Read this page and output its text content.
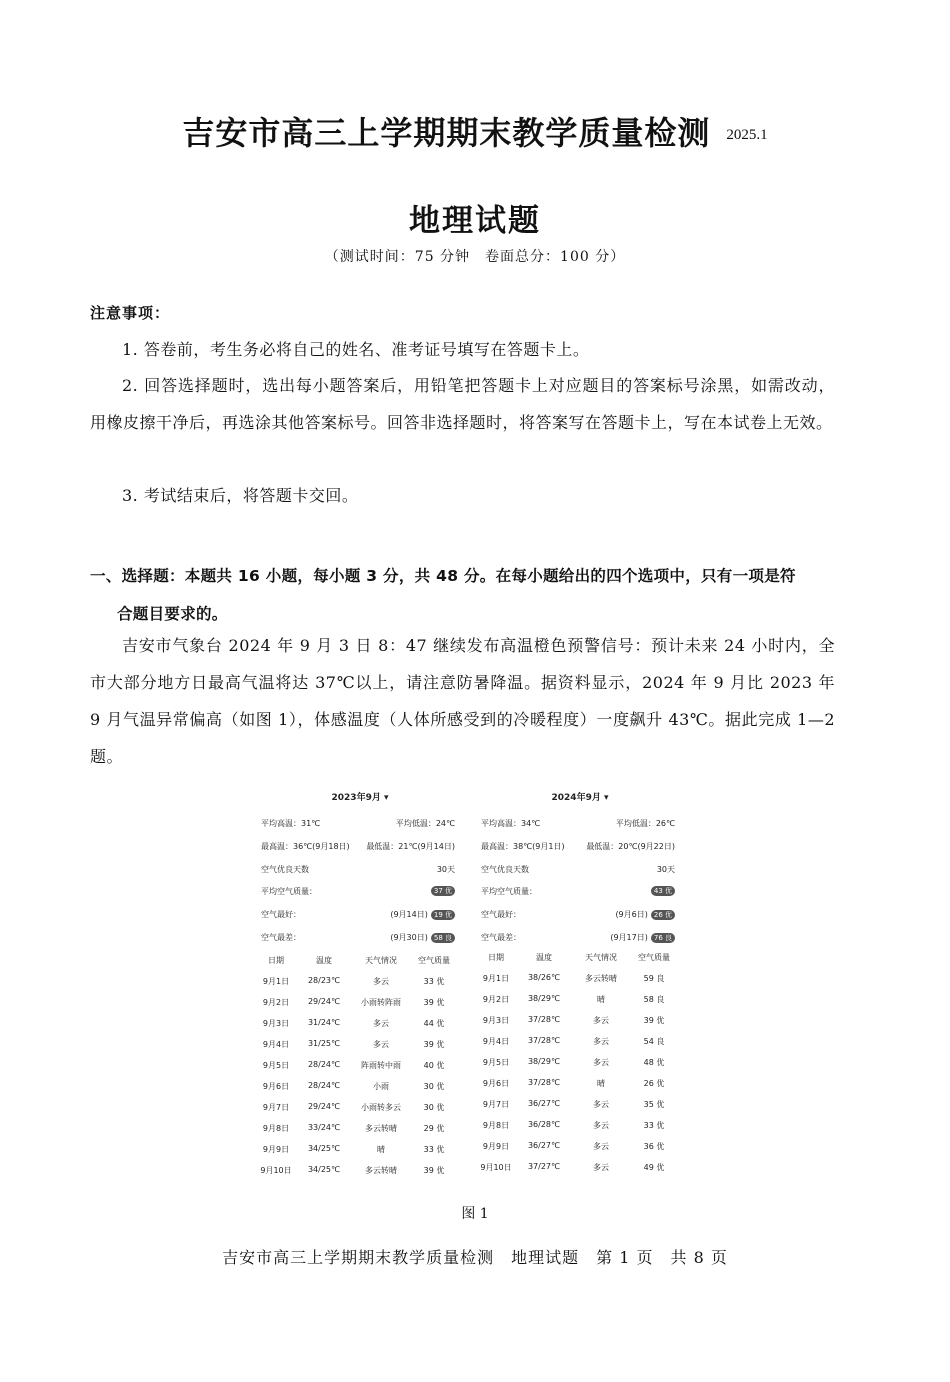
吉安市高三上学期期末教学质量检测 2025.1
地理试题
（测试时间：75 分钟　卷面总分：100 分）
注意事项：
1. 答卷前，考生务必将自己的姓名、准考证号填写在答题卡上。
2. 回答选择题时，选出每小题答案后，用铅笔把答题卡上对应题目的答案标号涂黑，如需改动，用橡皮擦干净后，再选涂其他答案标号。回答非选择题时，将答案写在答题卡上，写在本试卷上无效。
3. 考试结束后，将答题卡交回。
一、选择题：本题共 16 小题，每小题 3 分，共 48 分。在每小题给出的四个选项中，只有一项是符
合题目要求的。
吉安市气象台 2024 年 9 月 3 日 8：47 继续发布高温橙色预警信号：预计未来 24 小时内，全市大部分地方日最高气温将达 37℃以上，请注意防暑降温。据资料显示，2024 年 9 月比 2023 年 9 月气温异常偏高（如图 1），体感温度（人体所感受到的冷暖程度）一度飙升 43℃。据此完成 1—2 题。
2023年9月 ▾
平均高温：31℃	平均低温：24℃
最高温：36℃(9月18日) 最低温：21℃(9月14日)
空气优良天数	30天
平均空气质量：	37 优
空气最好：	(9月14日) 19 优
空气最差：	(9月30日) 58 良
日期	温度	天气情况	空气质量
9月1日	28/23℃	多云	33 优
9月2日	29/24℃	小雨转阵雨	39 优
9月3日	31/24℃	多云	44 优
9月4日	31/25℃	多云	39 优
9月5日	28/24℃	阵雨转中雨	40 优
9月6日	28/24℃	小雨	30 优
9月7日	29/24℃	小雨转多云	30 优
9月8日	33/24℃	多云转晴	29 优
9月9日	34/25℃	晴	33 优
9月10日	34/25℃	多云转晴	39 优
2024年9月 ▾
平均高温：34℃	平均低温：26℃
最高温：38℃(9月1日)	最低温：20℃(9月22日)
空气优良天数	30天
平均空气质量：	43 优
空气最好：	(9月6日) 26 优
空气最差：	(9月17日) 76 良
日期	温度	天气情况	空气质量
9月1日	38/26℃	多云转晴	59 良
9月2日	38/29℃	晴	58 良
9月3日	37/28℃	多云	39 优
9月4日	37/28℃	多云	54 良
9月5日	38/29℃	多云	48 优
9月6日	37/28℃	晴	26 优
9月7日	36/27℃	多云	35 优
9月8日	36/28℃	多云	33 优
9月9日	36/27℃	多云	36 优
9月10日	37/27℃	多云	49 优
图 1
吉安市高三上学期期末教学质量检测　地理试题　第 1 页　共 8 页
